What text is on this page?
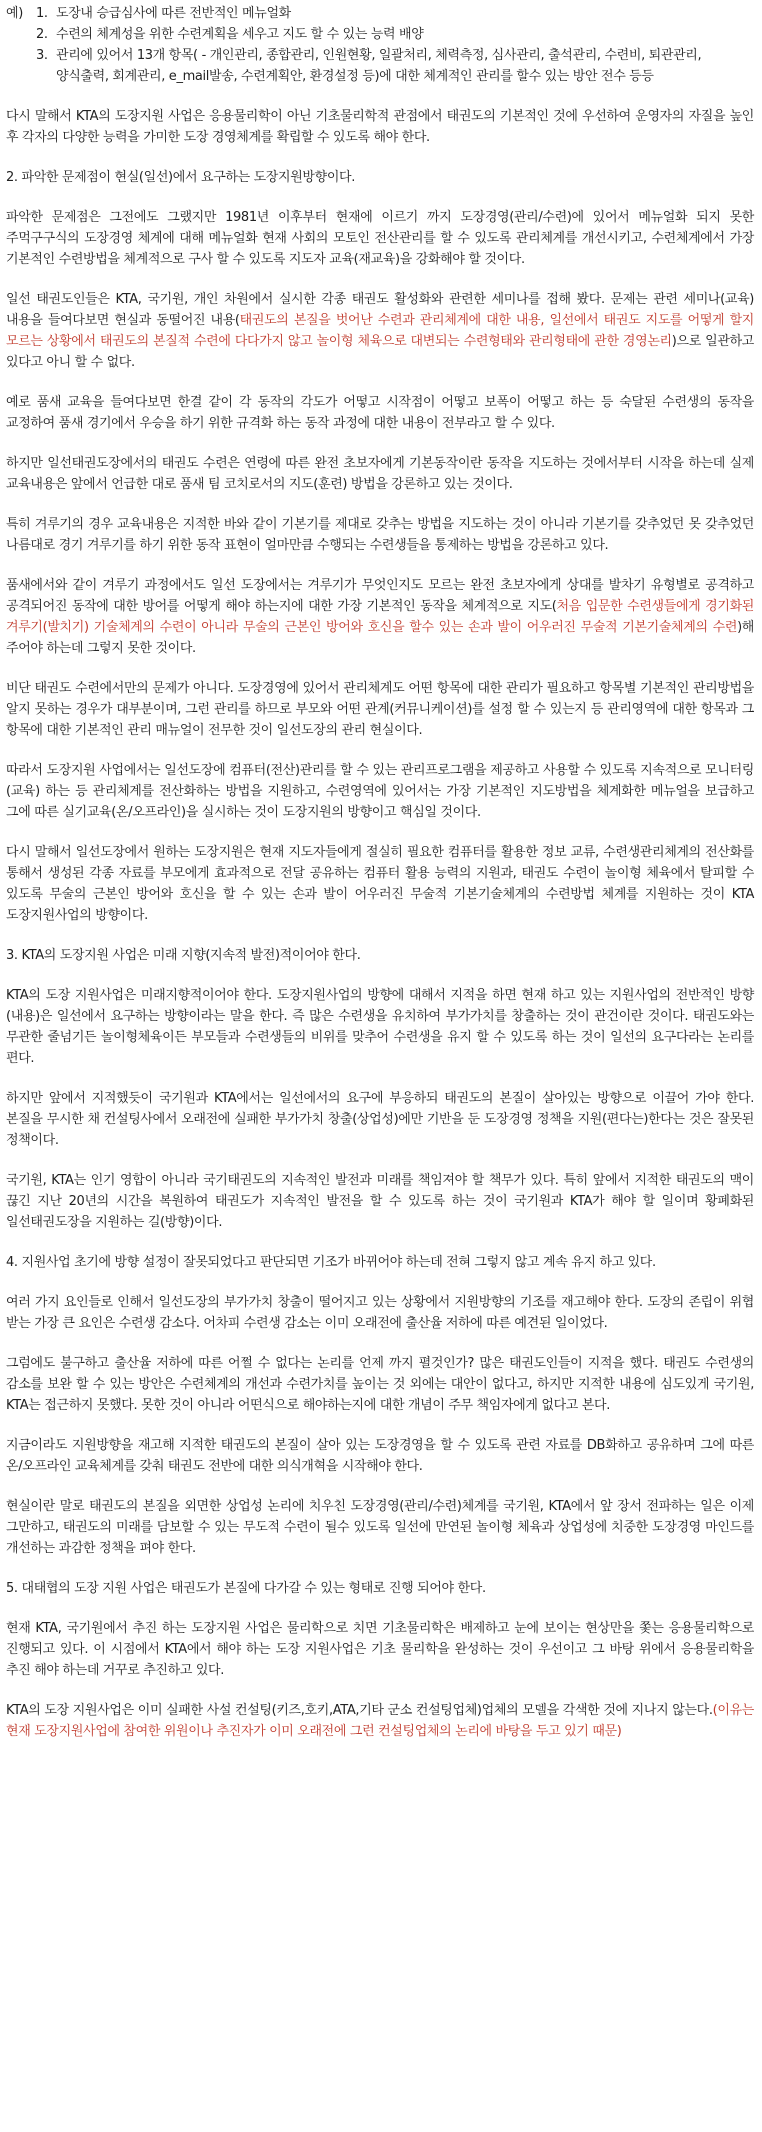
예)	1. 도장내 승급심사에 따른 전반적인 메뉴얼화
2. 수련의 체계성을 위한 수련계획을 세우고 지도 할 수 있는 능력 배양
3. 관리에 있어서 13개 항목( - 개인관리, 종합관리, 인원현황, 일괄처리, 체력측정, 심사관리, 출석관리, 수련비, 퇴관관리, 양식출력, 회계관리, e_mail발송, 수련계획안, 환경설정 등)에 대한 체계적인 관리를 할수 있는 방안 전수 등등

다시 말해서 KTA의 도장지원 사업은 응용물리학이 아닌 기초물리학적 관점에서 태권도의 기본적인 것에 우선하여 운영자의 자질을 높인 후 각자의 다양한 능력을 가미한 도장 경영체계를 확립할 수 있도록 해야 한다.

2. 파악한 문제점이 현실(일선)에서 요구하는 도장지원방향이다.

파악한 문제점은 그전에도 그랬지만 1981년 이후부터 현재에 이르기 까지 도장경영(관리/수련)에 있어서 메뉴얼화 되지 못한 주먹구구식의 도장경영 체계에 대해 메뉴얼화 현재 사회의 모토인 전산관리를 할 수 있도록 관리체계를 개선시키고, 수련체계에서 가장 기본적인 수련방법을 체계적으로 구사 할 수 있도록 지도자 교육(재교육)을 강화해야 할 것이다.

일선 태권도인들은 KTA, 국기원, 개인 차원에서 실시한 각종 태권도 활성화와 관련한 세미나를 접해 봤다. 문제는 관련 세미나(교육) 내용을 들여다보면 현실과 동떨어진 내용(태권도의 본질을 벗어난 수련과 관리체계에 대한 내용, 일선에서 태권도 지도를 어떻게 할지 모르는 상황에서 태권도의 본질적 수련에 다다가지 않고 놀이형 체육으로 대변되는 수련형태와 관리형태에 관한 경영논리)으로 일관하고 있다고 아니 할 수 없다.

예로 품새 교육을 들여다보면 한결 같이 각 동작의 각도가 어떻고 시작점이 어떻고 보폭이 어떻고 하는 등 숙달된 수련생의 동작을 교정하여 품새 경기에서 우승을 하기 위한 규격화 하는 동작 과정에 대한 내용이 전부라고 할 수 있다.

하지만 일선태권도장에서의 태권도 수련은 연령에 따른 완전 초보자에게 기본동작이란 동작을 지도하는 것에서부터 시작을 하는데 실제 교육내용은 앞에서 언급한 대로 품새 팀 코치로서의 지도(훈련) 방법을 강론하고 있는 것이다.

특히 겨루기의 경우 교육내용은 지적한 바와 같이 기본기를 제대로 갖추는 방법을 지도하는 것이 아니라 기본기를 갖추었던 못 갖추었던 나름대로 경기 겨루기를 하기 위한 동작 표현이 얼마만큼 수행되는 수련생들을 통제하는 방법을 강론하고 있다.

품새에서와 같이 겨루기 과정에서도 일선 도장에서는 겨루기가 무엇인지도 모르는 완전 초보자에게 상대를 발차기 유형별로 공격하고 공격되어진 동작에 대한 방어를 어떻게 해야 하는지에 대한 가장 기본적인 동작을 체계적으로 지도(처음 입문한 수련생들에게 경기화된 겨루기(발치기) 기술체계의 수련이 아니라 무술의 근본인 방어와 호신을 할수 있는 손과 발이 어우러진 무술적 기본기술체계의 수련)해 주어야 하는데 그렇지 못한 것이다.

비단 태권도 수련에서만의 문제가 아니다. 도장경영에 있어서 관리체계도 어떤 항목에 대한 관리가 필요하고 항목별 기본적인 관리방법을 알지 못하는 경우가 대부분이며, 그런 관리를 하므로 부모와 어떤 관계(커뮤니케이션)를 설정 할 수 있는지 등 관리영역에 대한 항목과 그 항목에 대한 기본적인 관리 매뉴얼이 전무한 것이 일선도장의 관리 현실이다.

따라서 도장지원 사업에서는 일선도장에 컴퓨터(전산)관리를 할 수 있는 관리프로그램을 제공하고 사용할 수 있도록 지속적으로 모니터링(교육) 하는 등 관리체계를 전산화하는 방법을 지원하고, 수련영역에 있어서는 가장 기본적인 지도방법을 체계화한 메뉴얼을 보급하고 그에 따른 실기교육(온/오프라인)을 실시하는 것이 도장지원의 방향이고 핵심일 것이다.

다시 말해서 일선도장에서 원하는 도장지원은 현재 지도자들에게 절실히 필요한 컴퓨터를 활용한 정보 교류, 수련생관리체계의 전산화를 통해서 생성된 각종 자료를 부모에게 효과적으로 전달 공유하는 컴퓨터 활용 능력의 지원과, 태권도 수련이 놀이형 체육에서 탈피할 수 있도록 무술의 근본인 방어와 호신을 할 수 있는 손과 발이 어우러진 무술적 기본기술체계의 수련방법 체계를 지원하는 것이 KTA 도장지원사업의 방향이다.

3. KTA의 도장지원 사업은 미래 지향(지속적 발전)적이어야 한다.

KTA의 도장 지원사업은 미래지향적이어야 한다. 도장지원사업의 방향에 대해서 지적을 하면 현재 하고 있는 지원사업의 전반적인 방향(내용)은 일선에서 요구하는 방향이라는 말을 한다. 즉 많은 수련생을 유치하여 부가가치를 창출하는 것이 관건이란 것이다. 태권도와는 무관한 줄넘기든 놀이형체육이든 부모들과 수련생들의 비위를 맞추어 수련생을 유지 할 수 있도록 하는 것이 일선의 요구다라는 논리를 편다.

하지만 앞에서 지적했듯이 국기원과 KTA에서는 일선에서의 요구에 부응하되 태권도의 본질이 살아있는 방향으로 이끌어 가야 한다. 본질을 무시한 채 컨설팅사에서 오래전에 실패한 부가가치 창출(상업성)에만 기반을 둔 도장경영 정책을 지원(편다는)한다는 것은 잘못된 정책이다.

국기원, KTA는 인기 영합이 아니라 국기태권도의 지속적인 발전과 미래를 책임져야 할 책무가 있다. 특히 앞에서 지적한 태권도의 맥이 끊긴 지난 20년의 시간을 복원하여 태권도가 지속적인 발전을 할 수 있도록 하는 것이 국기원과 KTA가 해야 할 일이며 황폐화된 일선태권도장을 지원하는 길(방향)이다.

4. 지원사업 초기에 방향 설정이 잘못되었다고 판단되면 기조가 바뀌어야 하는데 전혀 그렇지 않고 계속 유지 하고 있다.

여러 가지 요인들로 인해서 일선도장의 부가가치 창출이 떨어지고 있는 상황에서 지원방향의 기조를 재고해야 한다. 도장의 존립이 위협 받는 가장 큰 요인은 수련생 감소다. 어차피 수련생 감소는 이미 오래전에 출산율 저하에 따른 예견된 일이었다.

그럼에도 불구하고 출산율 저하에 따른 어쩔 수 없다는 논리를 언제 까지 펼것인가? 많은 태권도인들이 지적을 했다. 태권도 수련생의 감소를 보완 할 수 있는 방안은 수련체계의 개선과 수련가치를 높이는 것 외에는 대안이 없다고, 하지만 지적한 내용에 심도있게 국기원, KTA는 접근하지 못했다. 못한 것이 아니라 어떤식으로 해야하는지에 대한 개념이 주무 책임자에게 없다고 본다.

지금이라도 지원방향을 재고해 지적한 태권도의 본질이 살아 있는 도장경영을 할 수 있도록 관련 자료를 DB화하고 공유하며 그에 따른 온/오프라인 교육체계를 갖춰 태권도 전반에 대한 의식개혁을 시작해야 한다.

현실이란 말로 태권도의 본질을 외면한 상업성 논리에 치우친 도장경영(관리/수련)체계를 국기원, KTA에서 앞 장서 전파하는 일은 이제 그만하고, 태권도의 미래를 담보할 수 있는 무도적 수련이 될수 있도록 일선에 만연된 놀이형 체육과 상업성에 치중한 도장경영 마인드를 개선하는 과감한 정책을 펴야 한다.

5. 대태협의 도장 지원 사업은 태권도가 본질에 다가갈 수 있는 형태로 진행 되어야 한다.

현재 KTA, 국기원에서 추진 하는 도장지원 사업은 물리학으로 치면 기초물리학은 배제하고 눈에 보이는 현상만을 쫓는 응용물리학으로 진행되고 있다. 이 시점에서 KTA에서 해야 하는 도장 지원사업은 기초 물리학을 완성하는 것이 우선이고 그 바탕 위에서 응용물리학을 추진 해야 하는데 거꾸로 추진하고 있다.

KTA의 도장 지원사업은 이미 실패한 사설 컨설팅(키즈,호키,ATA,기타 군소 컨설팅업체)업체의 모델을 각색한 것에 지나지 않는다.(이유는 현재 도장지원사업에 참여한 위원이나 추진자가 이미 오래전에 그런 컨설팅업체의 논리에 바탕을 두고 있기 때문)
